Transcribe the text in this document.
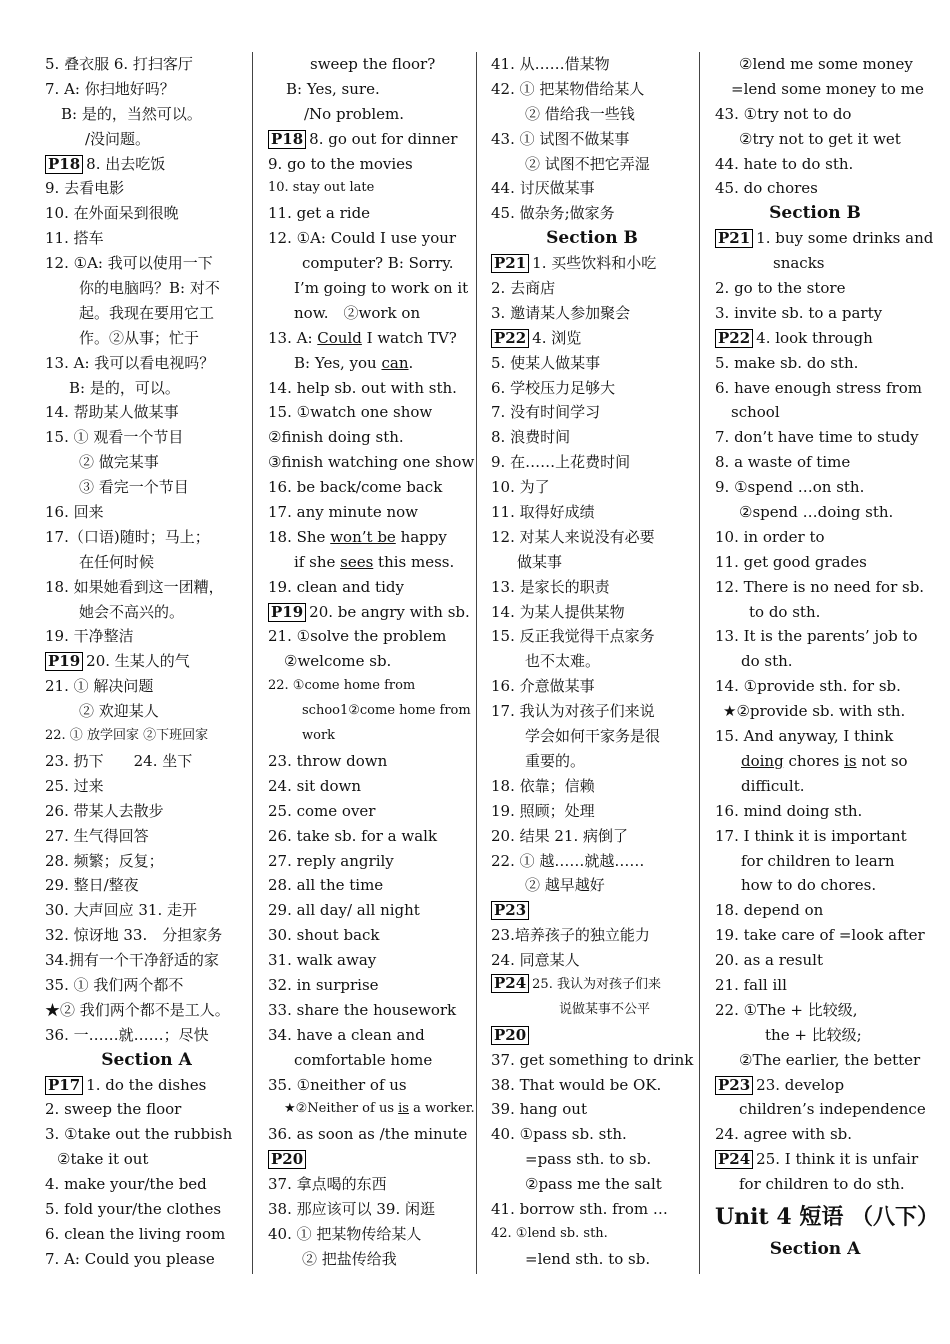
5. 叠衣服 6. 打扫客厅
7. A: 你扫地好吗？
B: 是的，当然可以。
/没问题。
P18 8. 出去吃饭
9. 去看电影
10. 在外面呆到很晚
11. 搭车
12. ①A: 我可以使用一下
你的电脑吗？B: 对不
起。我现在要用它工
作。②从事；忙于
13. A: 我可以看电视吗？
B: 是的，可以。
14. 帮助某人做某事
15. ① 观看一个节目
② 做完某事
③ 看完一个节目
16. 回来
17.（口语)随时；马上；
在任何时候
18. 如果她看到这一团糟，
她会不高兴的。
19. 干净整洁
P19 20. 生某人的气
21. ① 解决问题
② 欢迎某人
22. ① 放学回家 ②下班回家
23. 扔下　　24. 坐下
25. 过来
26. 带某人去散步
27. 生气得回答
28. 频繁；反复；
29. 整日/整夜
30. 大声回应 31. 走开
32. 惊讶地 33.　分担家务
34.拥有一个干净舒适的家
35. ① 我们两个都不
★② 我们两个都不是工人。
36. 一……就……；尽快
Section A
P17 1. do the dishes
2. sweep the floor
3. ①take out the rubbish
②take it out
4. make your/the bed
5. fold your/the clothes
6. clean the living room
7. A: Could you please
sweep the floor?
B: Yes, sure.
/No problem.
P18 8. go out for dinner
9. go to the movies
10. stay out late
11. get a ride
12. ①A: Could I use your
computer? B: Sorry.
I’m going to work on it
now.　②work on
13. A: Could I watch TV?
B: Yes, you can.
14. help sb. out with sth.
15. ①watch one show
②finish doing sth.
③finish watching one show
16. be back/come back
17. any minute now
18. She won’t be happy
if she sees this mess.
19. clean and tidy
P19 20. be angry with sb.
21. ①solve the problem
②welcome sb.
22. ①come home from
schoo1②come home from
work
23. throw down
24. sit down
25. come over
26. take sb. for a walk
27. reply angrily
28. all the time
29. all day/ all night
30. shout back
31. walk away
32. in surprise
33. share the housework
34. have a clean and
comfortable home
35. ①neither of us
★②Neither of us is a worker.
36. as soon as /the minute
P20
37. 拿点喝的东西
38. 那应该可以 39. 闲逛
40. ① 把某物传给某人
② 把盐传给我
41. 从……借某物
42. ① 把某物借给某人
② 借给我一些钱
43. ① 试图不做某事
② 试图不把它弄湿
44. 讨厌做某事
45. 做杂务;做家务
Section B
P21 1. 买些饮料和小吃
2. 去商店
3. 邀请某人参加聚会
P22 4. 浏览
5. 使某人做某事
6. 学校压力足够大
7. 没有时间学习
8. 浪费时间
9. 在……上花费时间
10. 为了
11. 取得好成绩
12. 对某人来说没有必要
做某事
13. 是家长的职责
14. 为某人提供某物
15. 反正我觉得干点家务
也不太难。
16. 介意做某事
17. 我认为对孩子们来说
学会如何干家务是很
重要的。
18. 依靠；信赖
19. 照顾；处理
20. 结果 21. 病倒了
22. ① 越……就越……
② 越早越好
P23
23.培养孩子的独立能力
24. 同意某人
P24 25. 我认为对孩子们来
说做某事不公平
P20
37. get something to drink
38. That would be OK.
39. hang out
40. ①pass sb. sth.
=pass sth. to sb.
②pass me the salt
41. borrow sth. from …
42. ①lend sb. sth.
=lend sth. to sb.
②lend me some money
=lend some money to me
43. ①try not to do
②try not to get it wet
44. hate to do sth.
45. do chores
Section B
P21 1. buy some drinks and
snacks
2. go to the store
3. invite sb. to a party
P22 4. look through
5. make sb. do sth.
6. have enough stress from
school
7. don’t have time to study
8. a waste of time
9. ①spend …on sth.
②spend …doing sth.
10. in order to
11. get good grades
12. There is no need for sb.
to do sth.
13. It is the parents’ job to
do sth.
14. ①provide sth. for sb.
★②provide sb. with sth.
15. And anyway, I think
doing chores is not so
difficult.
16. mind doing sth.
17. I think it is important
for children to learn
how to do chores.
18. depend on
19. take care of =look after
20. as a result
21. fall ill
22. ①The + 比较级,
the + 比较级;
②The earlier, the better
P23 23. develop
children’s independence
24. agree with sb.
P24 25. I think it is unfair
for children to do sth.
Unit 4 短语 （八下）
Section A
